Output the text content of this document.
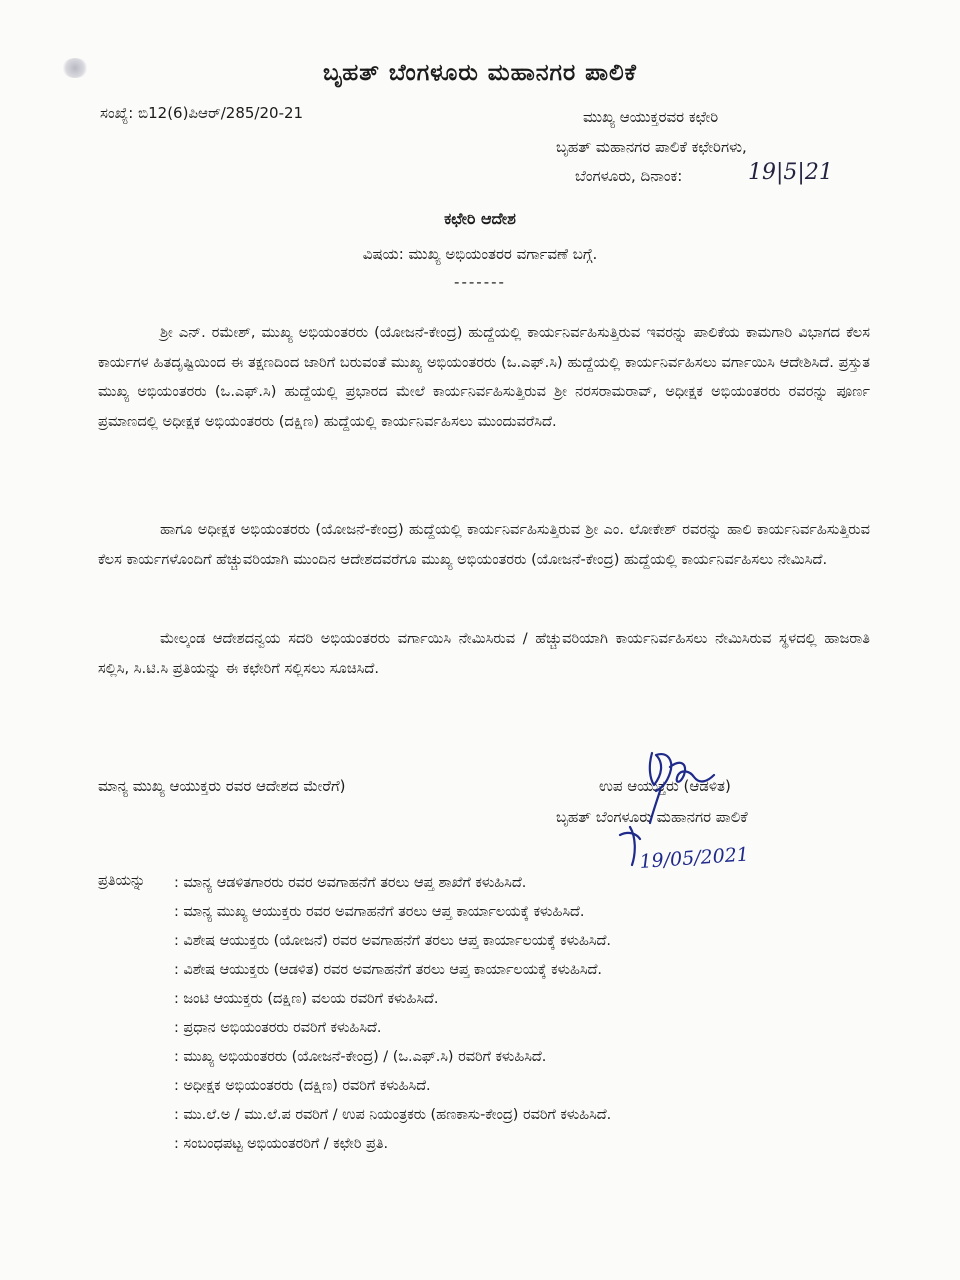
ಬೃಹತ್ ಬೆಂಗಳೂರು ಮಹಾನಗರ ಪಾಲಿಕೆ
ಸಂಖ್ಯೆ: ಬಿ12(6)ಪಿಆರ್/285/20-21	ಮುಖ್ಯ ಆಯುಕ್ತರವರ ಕಛೇರಿ
ಬೃಹತ್ ಮಹಾನಗರ ಪಾಲಿಕೆ ಕಛೇರಿಗಳು,
ಬೆಂಗಳೂರು, ದಿನಾಂಕ:	19|5|21
ಕಛೇರಿ ಆದೇಶ
ವಿಷಯ: ಮುಖ್ಯ ಅಭಿಯಂತರರ ವರ್ಗಾವಣೆ ಬಗ್ಗೆ.
-------

ಶ್ರೀ ಎನ್. ರಮೇಶ್, ಮುಖ್ಯ ಅಭಿಯಂತರರು (ಯೋಜನೆ-ಕೇಂದ್ರ) ಹುದ್ದೆಯಲ್ಲಿ ಕಾರ್ಯನಿರ್ವಹಿಸುತ್ತಿರುವ ಇವರನ್ನು ಪಾಲಿಕೆಯ ಕಾಮಗಾರಿ ವಿಭಾಗದ ಕೆಲಸ ಕಾರ್ಯಗಳ ಹಿತದೃಷ್ಟಿಯಿಂದ ಈ ತಕ್ಷಣದಿಂದ ಜಾರಿಗೆ ಬರುವಂತೆ ಮುಖ್ಯ ಅಭಿಯಂತರರು (ಒ.ಎಫ್.ಸಿ) ಹುದ್ದೆಯಲ್ಲಿ ಕಾರ್ಯನಿರ್ವಹಿಸಲು ವರ್ಗಾಯಿಸಿ ಆದೇಶಿಸಿದೆ. ಪ್ರಸ್ತುತ ಮುಖ್ಯ ಅಭಿಯಂತರರು (ಒ.ಎಫ್.ಸಿ) ಹುದ್ದೆಯಲ್ಲಿ ಪ್ರಭಾರದ ಮೇಲೆ ಕಾರ್ಯನಿರ್ವಹಿಸುತ್ತಿರುವ ಶ್ರೀ ನರಸರಾಮರಾವ್, ಅಧೀಕ್ಷಕ ಅಭಿಯಂತರರು ರವರನ್ನು ಪೂರ್ಣ ಪ್ರಮಾಣದಲ್ಲಿ ಅಧೀಕ್ಷಕ ಅಭಿಯಂತರರು (ದಕ್ಷಿಣ) ಹುದ್ದೆಯಲ್ಲಿ ಕಾರ್ಯನಿರ್ವಹಿಸಲು ಮುಂದುವರೆಸಿದೆ.

ಹಾಗೂ ಅಧೀಕ್ಷಕ ಅಭಿಯಂತರರು (ಯೋಜನೆ-ಕೇಂದ್ರ) ಹುದ್ದೆಯಲ್ಲಿ ಕಾರ್ಯನಿರ್ವಹಿಸುತ್ತಿರುವ ಶ್ರೀ ಎಂ. ಲೋಕೇಶ್ ರವರನ್ನು ಹಾಲಿ ಕಾರ್ಯನಿರ್ವಹಿಸುತ್ತಿರುವ ಕೆಲಸ ಕಾರ್ಯಗಳೊಂದಿಗೆ ಹೆಚ್ಚುವರಿಯಾಗಿ ಮುಂದಿನ ಆದೇಶದವರೆಗೂ ಮುಖ್ಯ ಅಭಿಯಂತರರು (ಯೋಜನೆ-ಕೇಂದ್ರ) ಹುದ್ದೆಯಲ್ಲಿ ಕಾರ್ಯನಿರ್ವಹಿಸಲು ನೇಮಿಸಿದೆ.

ಮೇಲ್ಕಂಡ ಆದೇಶದನ್ವಯ ಸದರಿ ಅಭಿಯಂತರರು ವರ್ಗಾಯಿಸಿ ನೇಮಿಸಿರುವ / ಹೆಚ್ಚುವರಿಯಾಗಿ ಕಾರ್ಯನಿರ್ವಹಿಸಲು ನೇಮಿಸಿರುವ ಸ್ಥಳದಲ್ಲಿ ಹಾಜರಾತಿ ಸಲ್ಲಿಸಿ, ಸಿ.ಟಿ.ಸಿ ಪ್ರತಿಯನ್ನು ಈ ಕಛೇರಿಗೆ ಸಲ್ಲಿಸಲು ಸೂಚಿಸಿದೆ.

ಮಾನ್ಯ ಮುಖ್ಯ ಆಯುಕ್ತರು ರವರ ಆದೇಶದ ಮೇರೆಗೆ)	ಉಪ ಆಯುಕ್ತರು (ಆಡಳಿತ)
ಬೃಹತ್ ಬೆಂಗಳೂರು ಮಹಾನಗರ ಪಾಲಿಕೆ
19/05/2021
ಪ್ರತಿಯನ್ನು : ಮಾನ್ಯ ಆಡಳಿತಗಾರರು ರವರ ಅವಗಾಹನೆಗೆ ತರಲು ಆಪ್ತ ಶಾಖೆಗೆ ಕಳುಹಿಸಿದೆ.
: ಮಾನ್ಯ ಮುಖ್ಯ ಆಯುಕ್ತರು ರವರ ಅವಗಾಹನೆಗೆ ತರಲು ಆಪ್ತ ಕಾರ್ಯಾಲಯಕ್ಕೆ ಕಳುಹಿಸಿದೆ.
: ವಿಶೇಷ ಆಯುಕ್ತರು (ಯೋಜನೆ) ರವರ ಅವಗಾಹನೆಗೆ ತರಲು ಆಪ್ತ ಕಾರ್ಯಾಲಯಕ್ಕೆ ಕಳುಹಿಸಿದೆ.
: ವಿಶೇಷ ಆಯುಕ್ತರು (ಆಡಳಿತ) ರವರ ಅವಗಾಹನೆಗೆ ತರಲು ಆಪ್ತ ಕಾರ್ಯಾಲಯಕ್ಕೆ ಕಳುಹಿಸಿದೆ.
: ಜಂಟಿ ಆಯುಕ್ತರು (ದಕ್ಷಿಣ) ವಲಯ ರವರಿಗೆ ಕಳುಹಿಸಿದೆ.
: ಪ್ರಧಾನ ಅಭಿಯಂತರರು ರವರಿಗೆ ಕಳುಹಿಸಿದೆ.
: ಮುಖ್ಯ ಅಭಿಯಂತರರು (ಯೋಜನೆ-ಕೇಂದ್ರ) / (ಒ.ಎಫ್.ಸಿ) ರವರಿಗೆ ಕಳುಹಿಸಿದೆ.
: ಅಧೀಕ್ಷಕ ಅಭಿಯಂತರರು (ದಕ್ಷಿಣ) ರವರಿಗೆ ಕಳುಹಿಸಿದೆ.
: ಮು.ಲೆ.ಅ / ಮು.ಲೆ.ಪ ರವರಿಗೆ / ಉಪ ನಿಯಂತ್ರಕರು (ಹಣಕಾಸು-ಕೇಂದ್ರ) ರವರಿಗೆ ಕಳುಹಿಸಿದೆ.
: ಸಂಬಂಧಪಟ್ಟ ಅಭಿಯಂತರರಿಗೆ / ಕಛೇರಿ ಪ್ರತಿ.
